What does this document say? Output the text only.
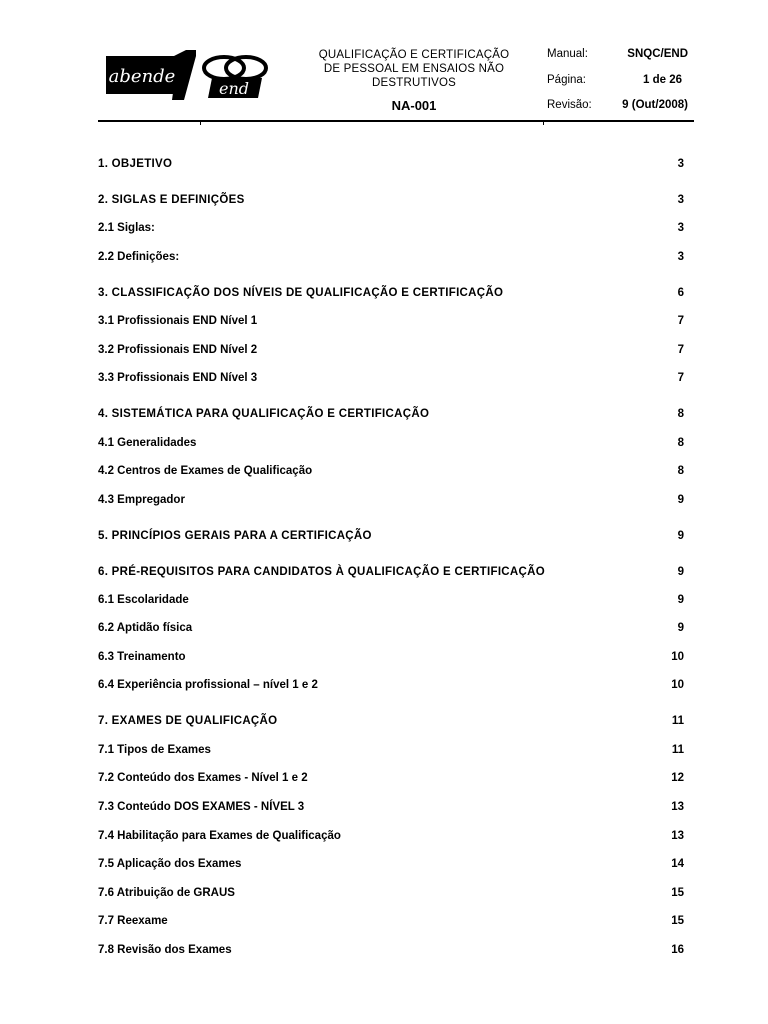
abende
end
QUALIFICAÇÃO E CERTIFICAÇÃO
DE PESSOAL EM ENSAIOS NÃO
DESTRUTIVOS
NA-001
Manual:	SNQC/END
Página:	1 de 26
Revisão:	9 (Out/2008)
1. OBJETIVO	3
2. SIGLAS E DEFINIÇÕES	3
2.1 Siglas:	3
2.2 Definições:	3
3. CLASSIFICAÇÃO DOS NÍVEIS DE QUALIFICAÇÃO E CERTIFICAÇÃO	6
3.1 Profissionais END Nível 1	7
3.2 Profissionais END Nível 2	7
3.3 Profissionais END Nível 3	7
4. SISTEMÁTICA PARA QUALIFICAÇÃO E CERTIFICAÇÃO	8
4.1 Generalidades	8
4.2 Centros de Exames de Qualificação	8
4.3 Empregador	9
5. PRINCÍPIOS GERAIS PARA A CERTIFICAÇÃO	9
6. PRÉ-REQUISITOS PARA CANDIDATOS À QUALIFICAÇÃO E CERTIFICAÇÃO	9
6.1 Escolaridade	9
6.2 Aptidão física	9
6.3 Treinamento	10
6.4 Experiência profissional – nível 1 e 2	10
7. EXAMES DE QUALIFICAÇÃO	11
7.1 Tipos de Exames	11
7.2 Conteúdo dos Exames - Nível 1 e 2	12
7.3 Conteúdo DOS EXAMES - NÍVEL 3	13
7.4 Habilitação para Exames de Qualificação	13
7.5 Aplicação dos Exames	14
7.6 Atribuição de GRAUS	15
7.7 Reexame	15
7.8 Revisão dos Exames	16
